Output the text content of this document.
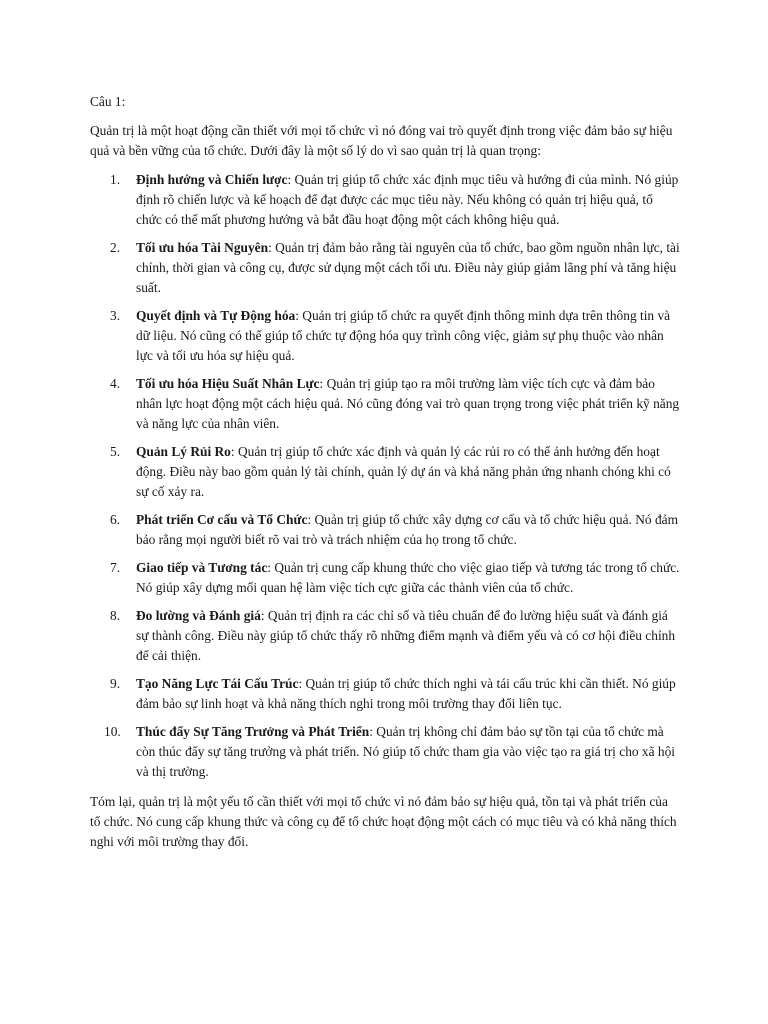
Câu 1:

Quản trị là một hoạt động cần thiết với mọi tổ chức vì nó đóng vai trò quyết định trong việc đảm bảo sự hiệu quả và bền vững của tổ chức. Dưới đây là một số lý do vì sao quản trị là quan trọng:

1.	Định hướng và Chiến lược: Quản trị giúp tổ chức xác định mục tiêu và hướng đi của mình. Nó giúp định rõ chiến lược và kế hoạch để đạt được các mục tiêu này. Nếu không có quản trị hiệu quả, tổ chức có thể mất phương hướng và bắt đầu hoạt động một cách không hiệu quả.
2.	Tối ưu hóa Tài Nguyên: Quản trị đảm bảo rằng tài nguyên của tổ chức, bao gồm nguồn nhân lực, tài chính, thời gian và công cụ, được sử dụng một cách tối ưu. Điều này giúp giảm lãng phí và tăng hiệu suất.
3.	Quyết định và Tự Động hóa: Quản trị giúp tổ chức ra quyết định thông minh dựa trên thông tin và dữ liệu. Nó cũng có thể giúp tổ chức tự động hóa quy trình công việc, giảm sự phụ thuộc vào nhân lực và tối ưu hóa sự hiệu quả.
4.	Tối ưu hóa Hiệu Suất Nhân Lực: Quản trị giúp tạo ra môi trường làm việc tích cực và đảm bảo nhân lực hoạt động một cách hiệu quả. Nó cũng đóng vai trò quan trọng trong việc phát triển kỹ năng và năng lực của nhân viên.
5.	Quản Lý Rủi Ro: Quản trị giúp tổ chức xác định và quản lý các rủi ro có thể ảnh hưởng đến hoạt động. Điều này bao gồm quản lý tài chính, quản lý dự án và khả năng phản ứng nhanh chóng khi có sự cố xảy ra.
6.	Phát triển Cơ cấu và Tổ Chức: Quản trị giúp tổ chức xây dựng cơ cấu và tổ chức hiệu quả. Nó đảm bảo rằng mọi người biết rõ vai trò và trách nhiệm của họ trong tổ chức.
7.	Giao tiếp và Tương tác: Quản trị cung cấp khung thức cho việc giao tiếp và tương tác trong tổ chức. Nó giúp xây dựng mối quan hệ làm việc tích cực giữa các thành viên của tổ chức.
8.	Đo lường và Đánh giá: Quản trị định ra các chỉ số và tiêu chuẩn để đo lường hiệu suất và đánh giá sự thành công. Điều này giúp tổ chức thấy rõ những điểm mạnh và điểm yếu và có cơ hội điều chỉnh để cải thiện.
9.	Tạo Năng Lực Tái Cấu Trúc: Quản trị giúp tổ chức thích nghi và tái cấu trúc khi cần thiết. Nó giúp đảm bảo sự linh hoạt và khả năng thích nghi trong môi trường thay đổi liên tục.
10.	Thúc đẩy Sự Tăng Trưởng và Phát Triển: Quản trị không chỉ đảm bảo sự tồn tại của tổ chức mà còn thúc đẩy sự tăng trưởng và phát triển. Nó giúp tổ chức tham gia vào việc tạo ra giá trị cho xã hội và thị trường.

Tóm lại, quản trị là một yếu tố cần thiết với mọi tổ chức vì nó đảm bảo sự hiệu quả, tồn tại và phát triển của tổ chức. Nó cung cấp khung thức và công cụ để tổ chức hoạt động một cách có mục tiêu và có khả năng thích nghi với môi trường thay đổi.
